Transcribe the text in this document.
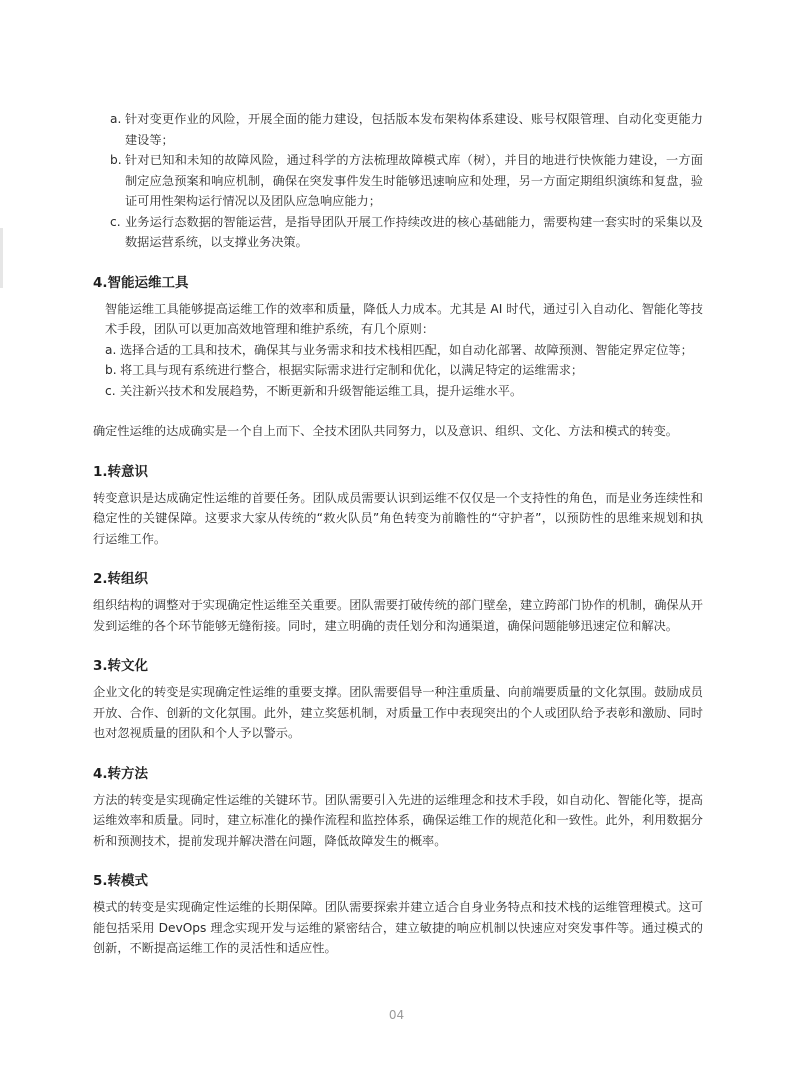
a. 针对变更作业的风险，开展全面的能力建设，包括版本发布架构体系建设、账号权限管理、自动化变更能力建设等；
b. 针对已知和未知的故障风险，通过科学的方法梳理故障模式库（树），并目的地进行快恢能力建设，一方面制定应急预案和响应机制，确保在突发事件发生时能够迅速响应和处理，另一方面定期组织演练和复盘，验证可用性架构运行情况以及团队应急响应能力；
c. 业务运行态数据的智能运营，是指导团队开展工作持续改进的核心基础能力，需要构建一套实时的采集以及数据运营系统，以支撑业务决策。
4.智能运维工具

智能运维工具能够提高运维工作的效率和质量，降低人力成本。尤其是 AI 时代，通过引入自动化、智能化等技术手段，团队可以更加高效地管理和维护系统，有几个原则：

a. 选择合适的工具和技术，确保其与业务需求和技术栈相匹配，如自动化部署、故障预测、智能定界定位等；
b. 将工具与现有系统进行整合，根据实际需求进行定制和优化，以满足特定的运维需求；
c. 关注新兴技术和发展趋势，不断更新和升级智能运维工具，提升运维水平。

确定性运维的达成确实是一个自上而下、全技术团队共同努力，以及意识、组织、文化、方法和模式的转变。

1.转意识

转变意识是达成确定性运维的首要任务。团队成员需要认识到运维不仅仅是一个支持性的角色，而是业务连续性和稳定性的关键保障。这要求大家从传统的“救火队员”角色转变为前瞻性的“守护者”，以预防性的思维来规划和执行运维工作。

2.转组织

组织结构的调整对于实现确定性运维至关重要。团队需要打破传统的部门壁垒，建立跨部门协作的机制，确保从开发到运维的各个环节能够无缝衔接。同时，建立明确的责任划分和沟通渠道，确保问题能够迅速定位和解决。

3.转文化

企业文化的转变是实现确定性运维的重要支撑。团队需要倡导一种注重质量、向前端要质量的文化氛围。鼓励成员开放、合作、创新的文化氛围。此外，建立奖惩机制，对质量工作中表现突出的个人或团队给予表彰和激励、同时也对忽视质量的团队和个人予以警示。

4.转方法

方法的转变是实现确定性运维的关键环节。团队需要引入先进的运维理念和技术手段，如自动化、智能化等，提高运维效率和质量。同时，建立标准化的操作流程和监控体系，确保运维工作的规范化和一致性。此外，利用数据分析和预测技术，提前发现并解决潜在问题，降低故障发生的概率。

5.转模式

模式的转变是实现确定性运维的长期保障。团队需要探索并建立适合自身业务特点和技术栈的运维管理模式。这可能包括采用 DevOps 理念实现开发与运维的紧密结合，建立敏捷的响应机制以快速应对突发事件等。通过模式的创新，不断提高运维工作的灵活性和适应性。

04
